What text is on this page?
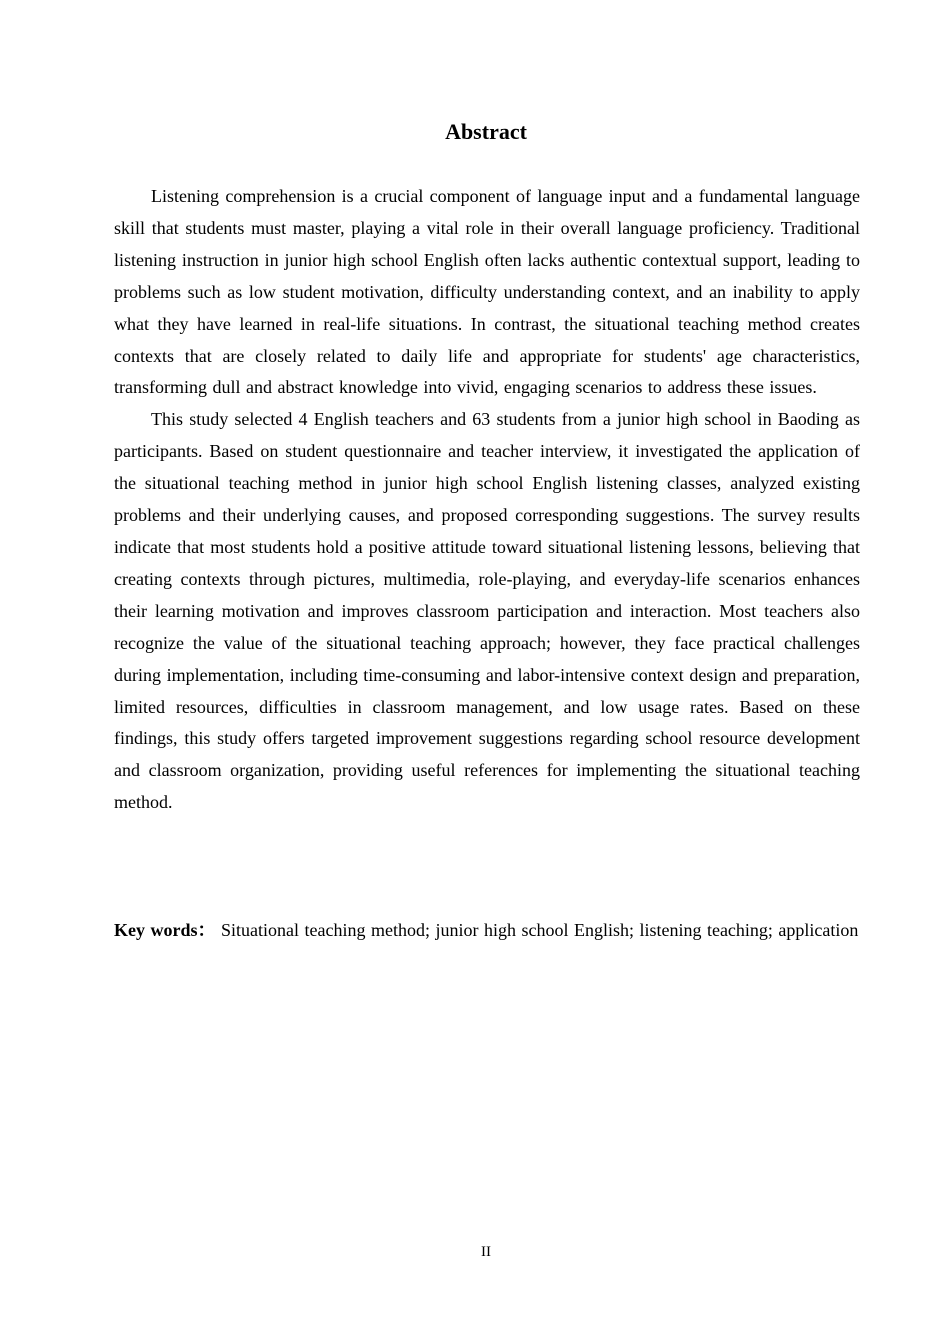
Abstract

Listening comprehension is a crucial component of language input and a fundamental language skill that students must master, playing a vital role in their overall language proficiency. Traditional listening instruction in junior high school English often lacks authentic contextual support, leading to problems such as low student motivation, difficulty understanding context, and an inability to apply what they have learned in real-life situations. In contrast, the situational teaching method creates contexts that are closely related to daily life and appropriate for students' age characteristics, transforming dull and abstract knowledge into vivid, engaging scenarios to address these issues.

This study selected 4 English teachers and 63 students from a junior high school in Baoding as participants. Based on student questionnaire and teacher interview, it investigated the application of the situational teaching method in junior high school English listening classes, analyzed existing problems and their underlying causes, and proposed corresponding suggestions. The survey results indicate that most students hold a positive attitude toward situational listening lessons, believing that creating contexts through pictures, multimedia, role-playing, and everyday-life scenarios enhances their learning motivation and improves classroom participation and interaction. Most teachers also recognize the value of the situational teaching approach; however, they face practical challenges during implementation, including time-consuming and labor-intensive context design and preparation, limited resources, difficulties in classroom management, and low usage rates. Based on these findings, this study offers targeted improvement suggestions regarding school resource development and classroom organization, providing useful references for implementing the situational teaching method.

Key words： Situational teaching method; junior high school English; listening teaching; application

II
